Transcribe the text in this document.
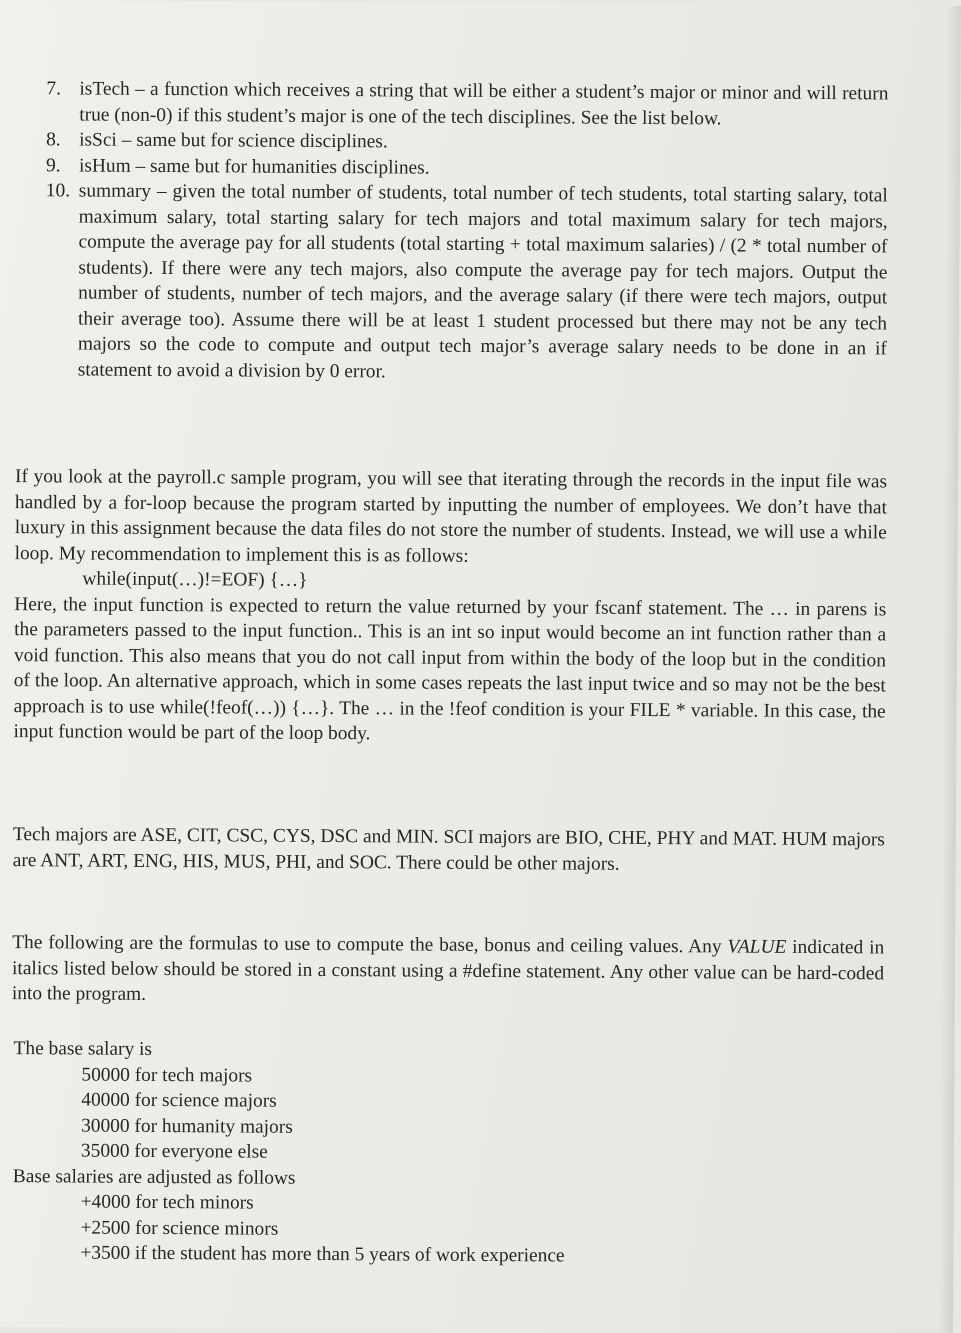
7. isTech – a function which receives a string that will be either a student’s major or minor and will return true (non-0) if this student’s major is one of the tech disciplines. See the list below.
8. isSci – same but for science disciplines.
9. isHum – same but for humanities disciplines.
10. summary – given the total number of students, total number of tech students, total starting salary, total maximum salary, total starting salary for tech majors and total maximum salary for tech majors, compute the average pay for all students (total starting + total maximum salaries) / (2 * total number of students). If there were any tech majors, also compute the average pay for tech majors. Output the number of students, number of tech majors, and the average salary (if there were tech majors, output their average too). Assume there will be at least 1 student processed but there may not be any tech majors so the code to compute and output tech major’s average salary needs to be done in an if statement to avoid a division by 0 error.
If you look at the payroll.c sample program, you will see that iterating through the records in the input file was handled by a for-loop because the program started by inputting the number of employees. We don’t have that luxury in this assignment because the data files do not store the number of students. Instead, we will use a while loop. My recommendation to implement this is as follows:
while(input(…)!=EOF) {…}
Here, the input function is expected to return the value returned by your fscanf statement. The … in parens is the parameters passed to the input function.. This is an int so input would become an int function rather than a void function. This also means that you do not call input from within the body of the loop but in the condition of the loop. An alternative approach, which in some cases repeats the last input twice and so may not be the best approach is to use while(!feof(…)) {…}. The … in the !feof condition is your FILE * variable. In this case, the input function would be part of the loop body.

Tech majors are ASE, CIT, CSC, CYS, DSC and MIN. SCI majors are BIO, CHE, PHY and MAT. HUM majors are ANT, ART, ENG, HIS, MUS, PHI, and SOC. There could be other majors.

The following are the formulas to use to compute the base, bonus and ceiling values. Any VALUE indicated in italics listed below should be stored in a constant using a #define statement. Any other value can be hard-coded into the program.

The base salary is
50000 for tech majors
40000 for science majors
30000 for humanity majors
35000 for everyone else
Base salaries are adjusted as follows
+4000 for tech minors
+2500 for science minors
+3500 if the student has more than 5 years of work experience
